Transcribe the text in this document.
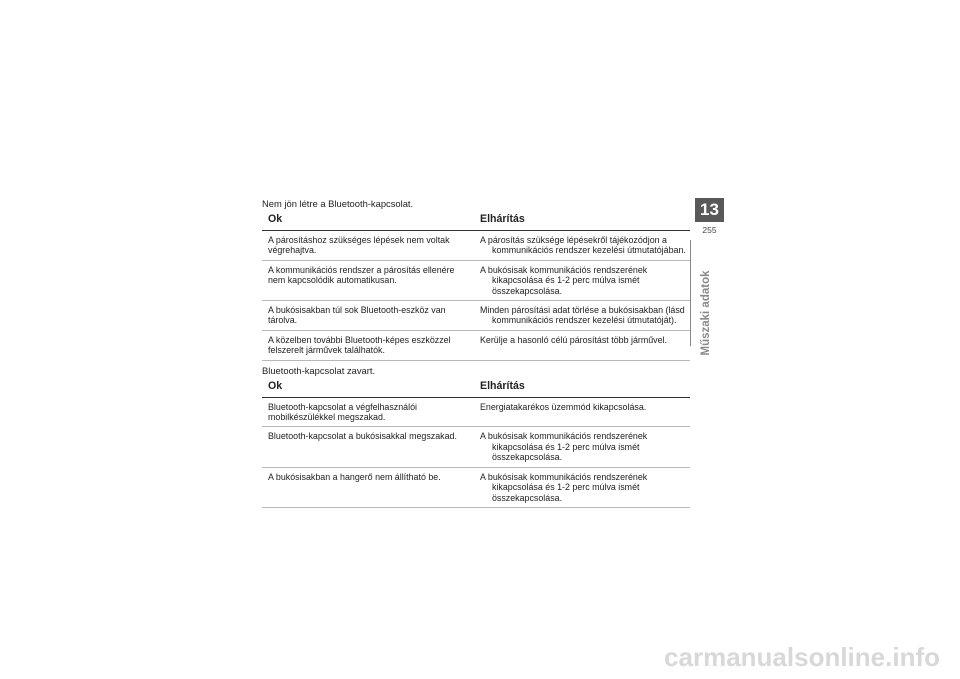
Nem jön létre a Bluetooth-kapcsolat.

Ok	Elhárítás
A párosításhoz szükséges lépések nem voltak végrehajtva.	A párosítás szüksége lépésekről tájékozódjon a kommunikációs rendszer kezelési útmutatójában.
A kommunikációs rendszer a párosítás ellenére nem kapcsolódik automatikusan.	A bukósisak kommunikációs rendszerének kikapcsolása és 1-2 perc múlva ismét összekapcsolása.
A bukósisakban túl sok Bluetooth-eszköz van tárolva.	Minden párosítási adat törlése a bukósisakban (lásd kommunikációs rendszer kezelési útmutatóját).
A közelben további Bluetooth-képes eszközzel felszerelt járművek találhatók.	Kerülje a hasonló célú párosítást több járművel.

Bluetooth-kapcsolat zavart.

Ok	Elhárítás
Bluetooth-kapcsolat a végfelhasználói mobilkészülékkel megszakad.	Energiatakarékos üzemmód kikapcsolása.
Bluetooth-kapcsolat a bukósisakkal megszakad.	A bukósisak kommunikációs rendszerének kikapcsolása és 1-2 perc múlva ismét összekapcsolása.
A bukósisakban a hangerő nem állítható be.	A bukósisak kommunikációs rendszerének kikapcsolása és 1-2 perc múlva ismét összekapcsolása.
13
255
Műszaki adatok
carmanualsonline.info
